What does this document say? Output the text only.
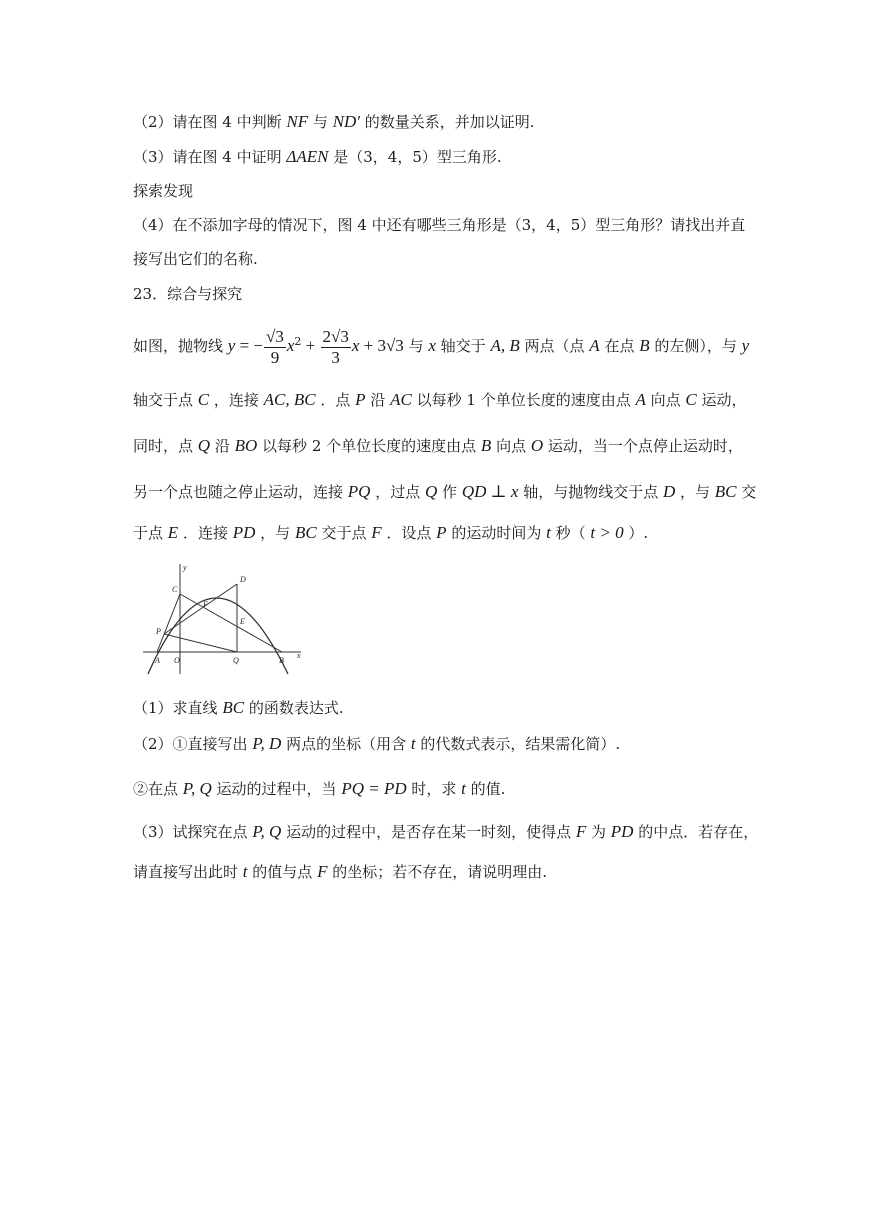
（2）请在图 4 中判断 NF 与 ND′ 的数量关系，并加以证明.
（3）请在图 4 中证明 ΔAEN 是（3，4，5）型三角形.
探索发现
（4）在不添加字母的情况下，图 4 中还有哪些三角形是（3，4，5）型三角形？请找出并直
接写出它们的名称.
23．综合与探究
如图，抛物线 y = − $\frac{√3}{9} x^2 + \frac{2√3}{3}$ x + 3√3 与 x 轴交于 A, B 两点（点 A 在点 B 的左侧），与 y
轴交于点 C ，连接 AC, BC ．点 P 沿 AC 以每秒 1 个单位长度的速度由点 A 向点 C 运动，
同时，点 Q 沿 BO 以每秒 2 个单位长度的速度由点 B 向点 O 运动，当一个点停止运动时，
另一个点也随之停止运动，连接 PQ ，过点 Q 作 QD ⊥ x 轴，与抛物线交于点 D ，与 BC 交
于点 E ．连接 PD ，与 BC 交于点 F ．设点 P 的运动时间为 t 秒（ t > 0 ）.
y
D
C
F
E
P
A O	Q	B
x
（1）求直线 BC 的函数表达式.
（2）①直接写出 P, D 两点的坐标（用含 t 的代数式表示，结果需化简）.
②在点 P, Q 运动的过程中，当 PQ = PD 时，求 t 的值.
（3）试探究在点 P, Q 运动的过程中，是否存在某一时刻，使得点 F 为 PD 的中点．若存在，
请直接写出此时 t 的值与点 F 的坐标；若不存在，请说明理由.
